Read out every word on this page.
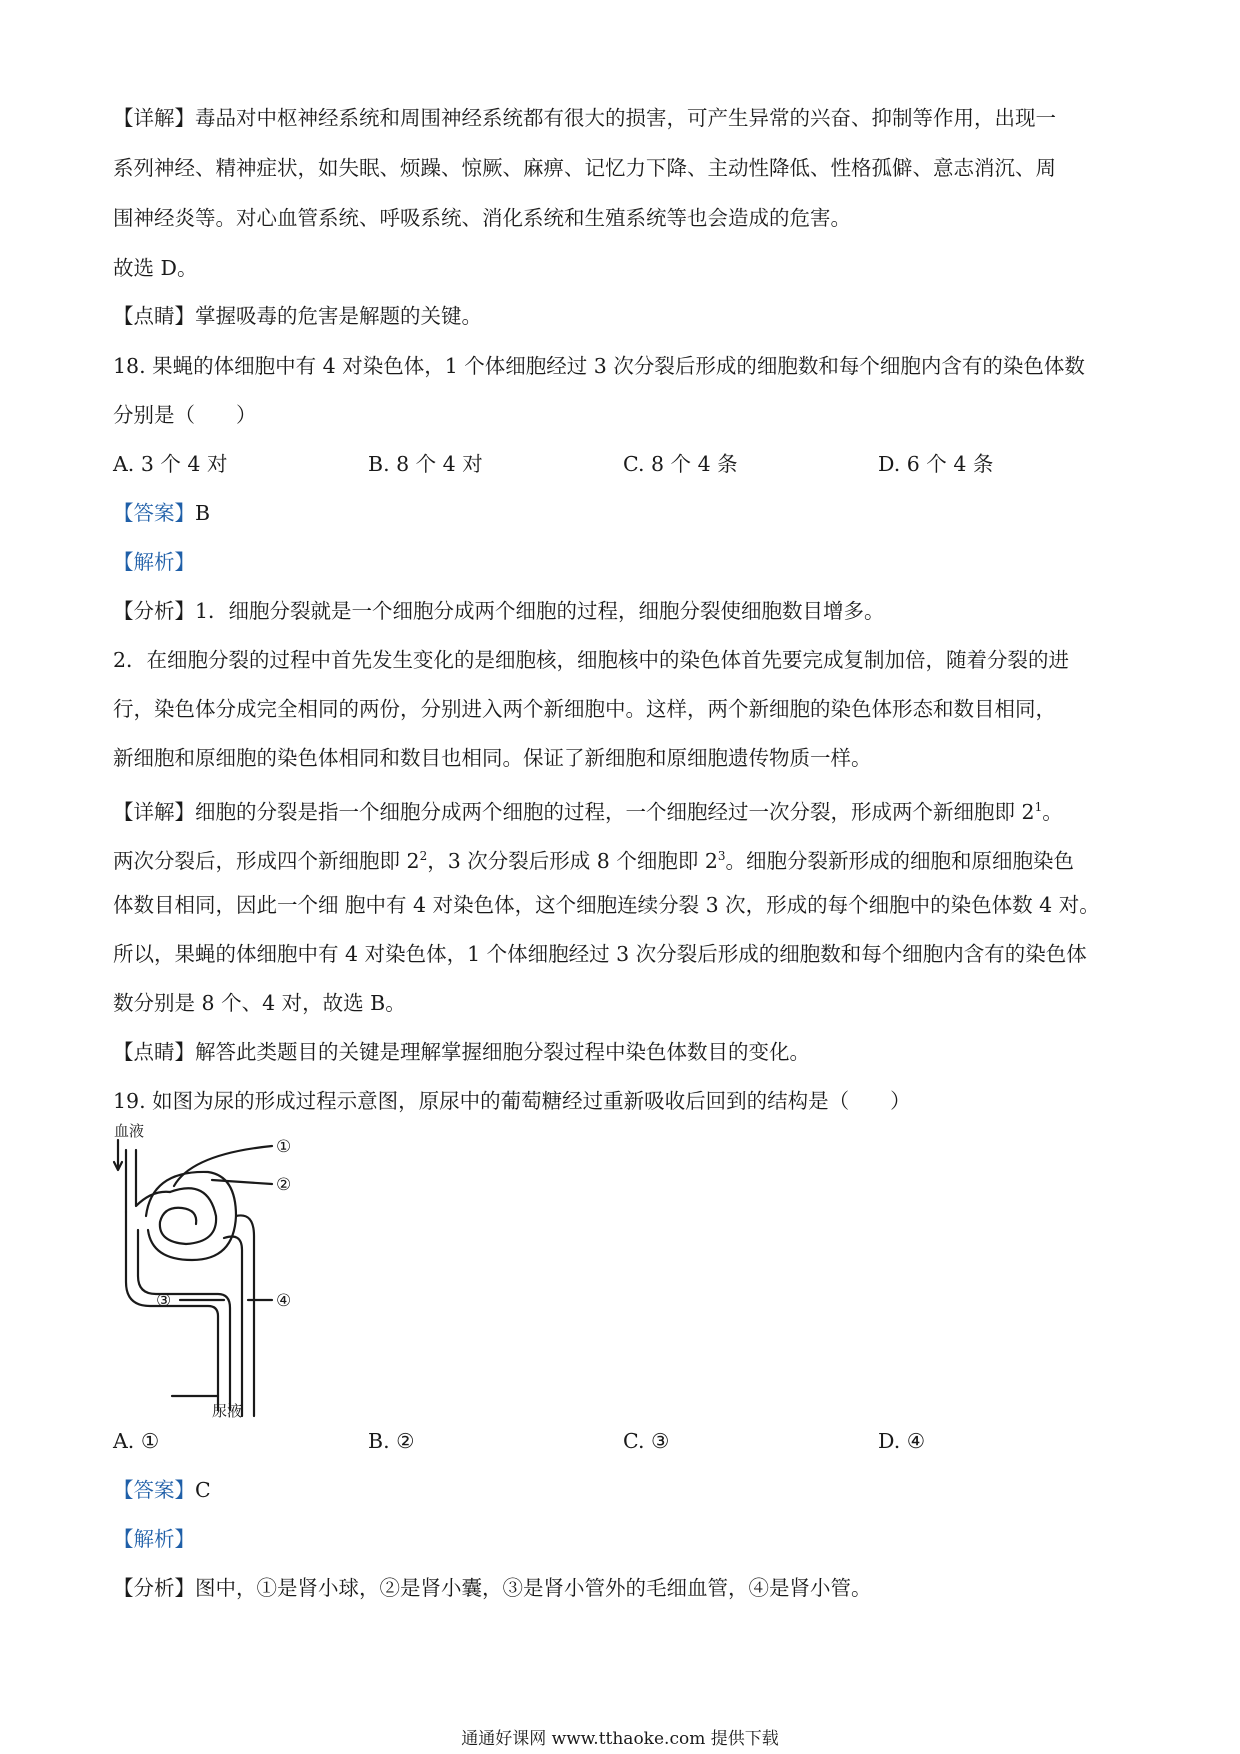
【详解】毒品对中枢神经系统和周围神经系统都有很大的损害，可产生异常的兴奋、抑制等作用，出现一
系列神经、精神症状，如失眠、烦躁、惊厥、麻痹、记忆力下降、主动性降低、性格孤僻、意志消沉、周
围神经炎等。对心血管系统、呼吸系统、消化系统和生殖系统等也会造成的危害。
故选 D。
【点睛】掌握吸毒的危害是解题的关键。
18. 果蝇的体细胞中有 4 对染色体，1 个体细胞经过 3 次分裂后形成的细胞数和每个细胞内含有的染色体数
分别是（　　）
A. 3 个 4 对	B. 8 个 4 对	C. 8 个 4 条	D. 6 个 4 条
【答案】B
【解析】
【分析】1．细胞分裂就是一个细胞分成两个细胞的过程，细胞分裂使细胞数目增多。
2．在细胞分裂的过程中首先发生变化的是细胞核，细胞核中的染色体首先要完成复制加倍，随着分裂的进
行，染色体分成完全相同的两份，分别进入两个新细胞中。这样，两个新细胞的染色体形态和数目相同，
新细胞和原细胞的染色体相同和数目也相同。保证了新细胞和原细胞遗传物质一样。
【详解】细胞的分裂是指一个细胞分成两个细胞的过程，一个细胞经过一次分裂，形成两个新细胞即 $2^1$。
两次分裂后，形成四个新细胞即 $2^2$，3 次分裂后形成 8 个细胞即 $2^3$。细胞分裂新形成的细胞和原细胞染色
体数目相同，因此一个细 胞中有 4 对染色体，这个细胞连续分裂 3 次，形成的每个细胞中的染色体数 4 对。
所以，果蝇的体细胞中有 4 对染色体，1 个体细胞经过 3 次分裂后形成的细胞数和每个细胞内含有的染色体
数分别是 8 个、4 对，故选 B。
【点睛】解答此类题目的关键是理解掌握细胞分裂过程中染色体数目的变化。
19. 如图为尿的形成过程示意图，原尿中的葡萄糖经过重新吸收后回到的结构是（　　）
血液
尿液
①
②
③	④
A. ①	B. ②	C. ③	D. ④
【答案】C
【解析】
【分析】图中，①是肾小球，②是肾小囊，③是肾小管外的毛细血管，④是肾小管。
通通好课网 www.tthaoke.com 提供下载
